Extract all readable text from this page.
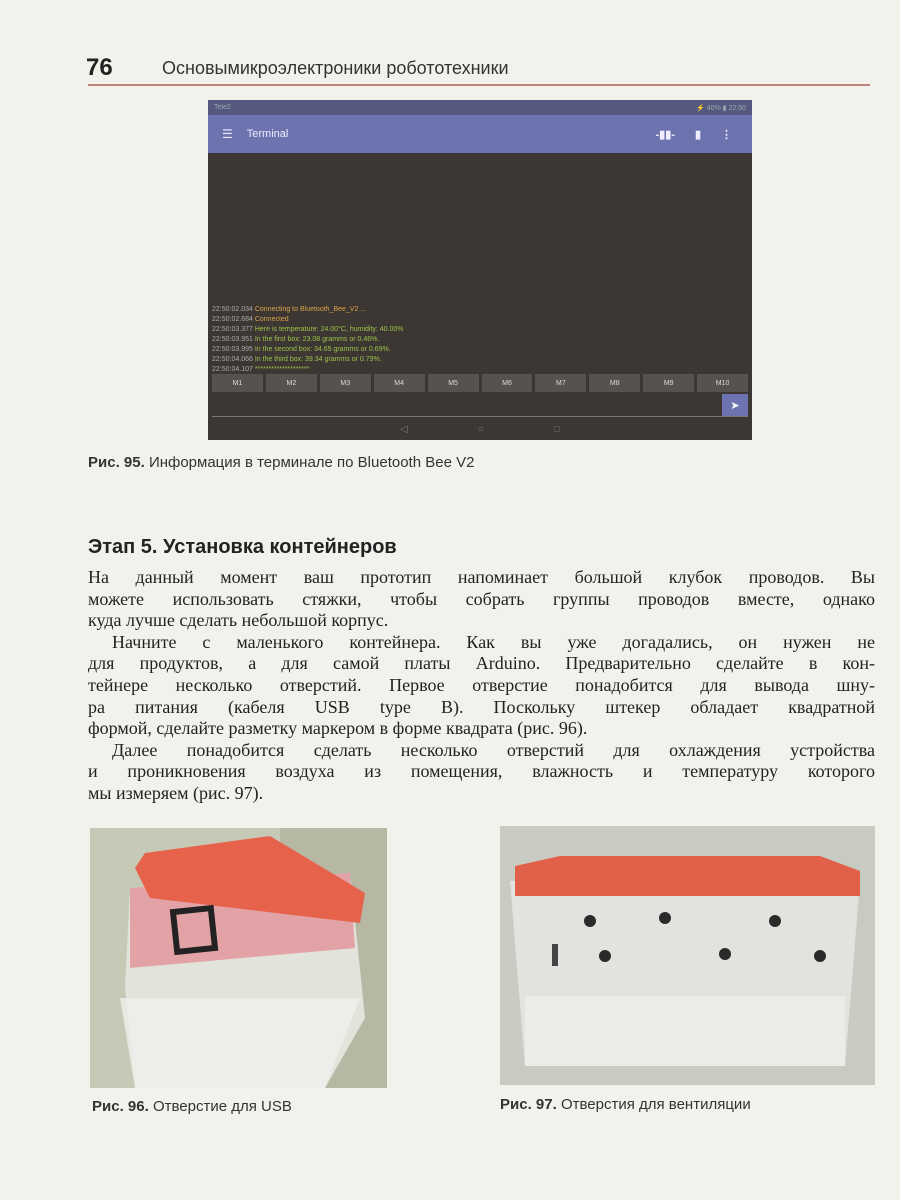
76	Основымикроэлектроники робототехники
Tele2	⚡ 40% ▮ 22:50
☰ Terminal	-▮▮- ▮ ⋮
22:50:02.034 Connecting to Bluetooth_Bee_V2 ...
22:50:02.684 Connected
22:50:03.377 Here is temperature: 24.00°C, humidity: 40.00%
22:50:03.951 In the first box: 23.08 gramms or 0.46%.
22:50:03.995 In the second box: 34.65 gramms or 0.69%.
22:50:04.066 In the third box: 39.34 gramms or 0.79%.
22:50:04.107 ********************
M1	M2	M3	M4	M5	M6	M7	M8	M9	M10
➤
◁	○	□
Рис. 95. Информация в терминале по Bluetooth Bee V2
Этап 5. Установка контейнеров
На данный момент ваш прототип напоминает большой клубок проводов. Вы
можете использовать стяжки, чтобы собрать группы проводов вместе, однако
куда лучше сделать небольшой корпус.
Начните с маленького контейнера. Как вы уже догадались, он нужен не
для продуктов, а для самой платы Arduino. Предварительно сделайте в кон-
тейнере несколько отверстий. Первое отверстие понадобится для вывода шну-
ра питания (кабеля USB type B). Поскольку штекер обладает квадратной
формой, сделайте разметку маркером в форме квадрата (рис. 96).
Далее понадобится сделать несколько отверстий для охлаждения устройства
и проникновения воздуха из помещения, влажность и температуру которого
мы измеряем (рис. 97).
Рис. 96. Отверстие для USB	Рис. 97. Отверстия для вентиляции
